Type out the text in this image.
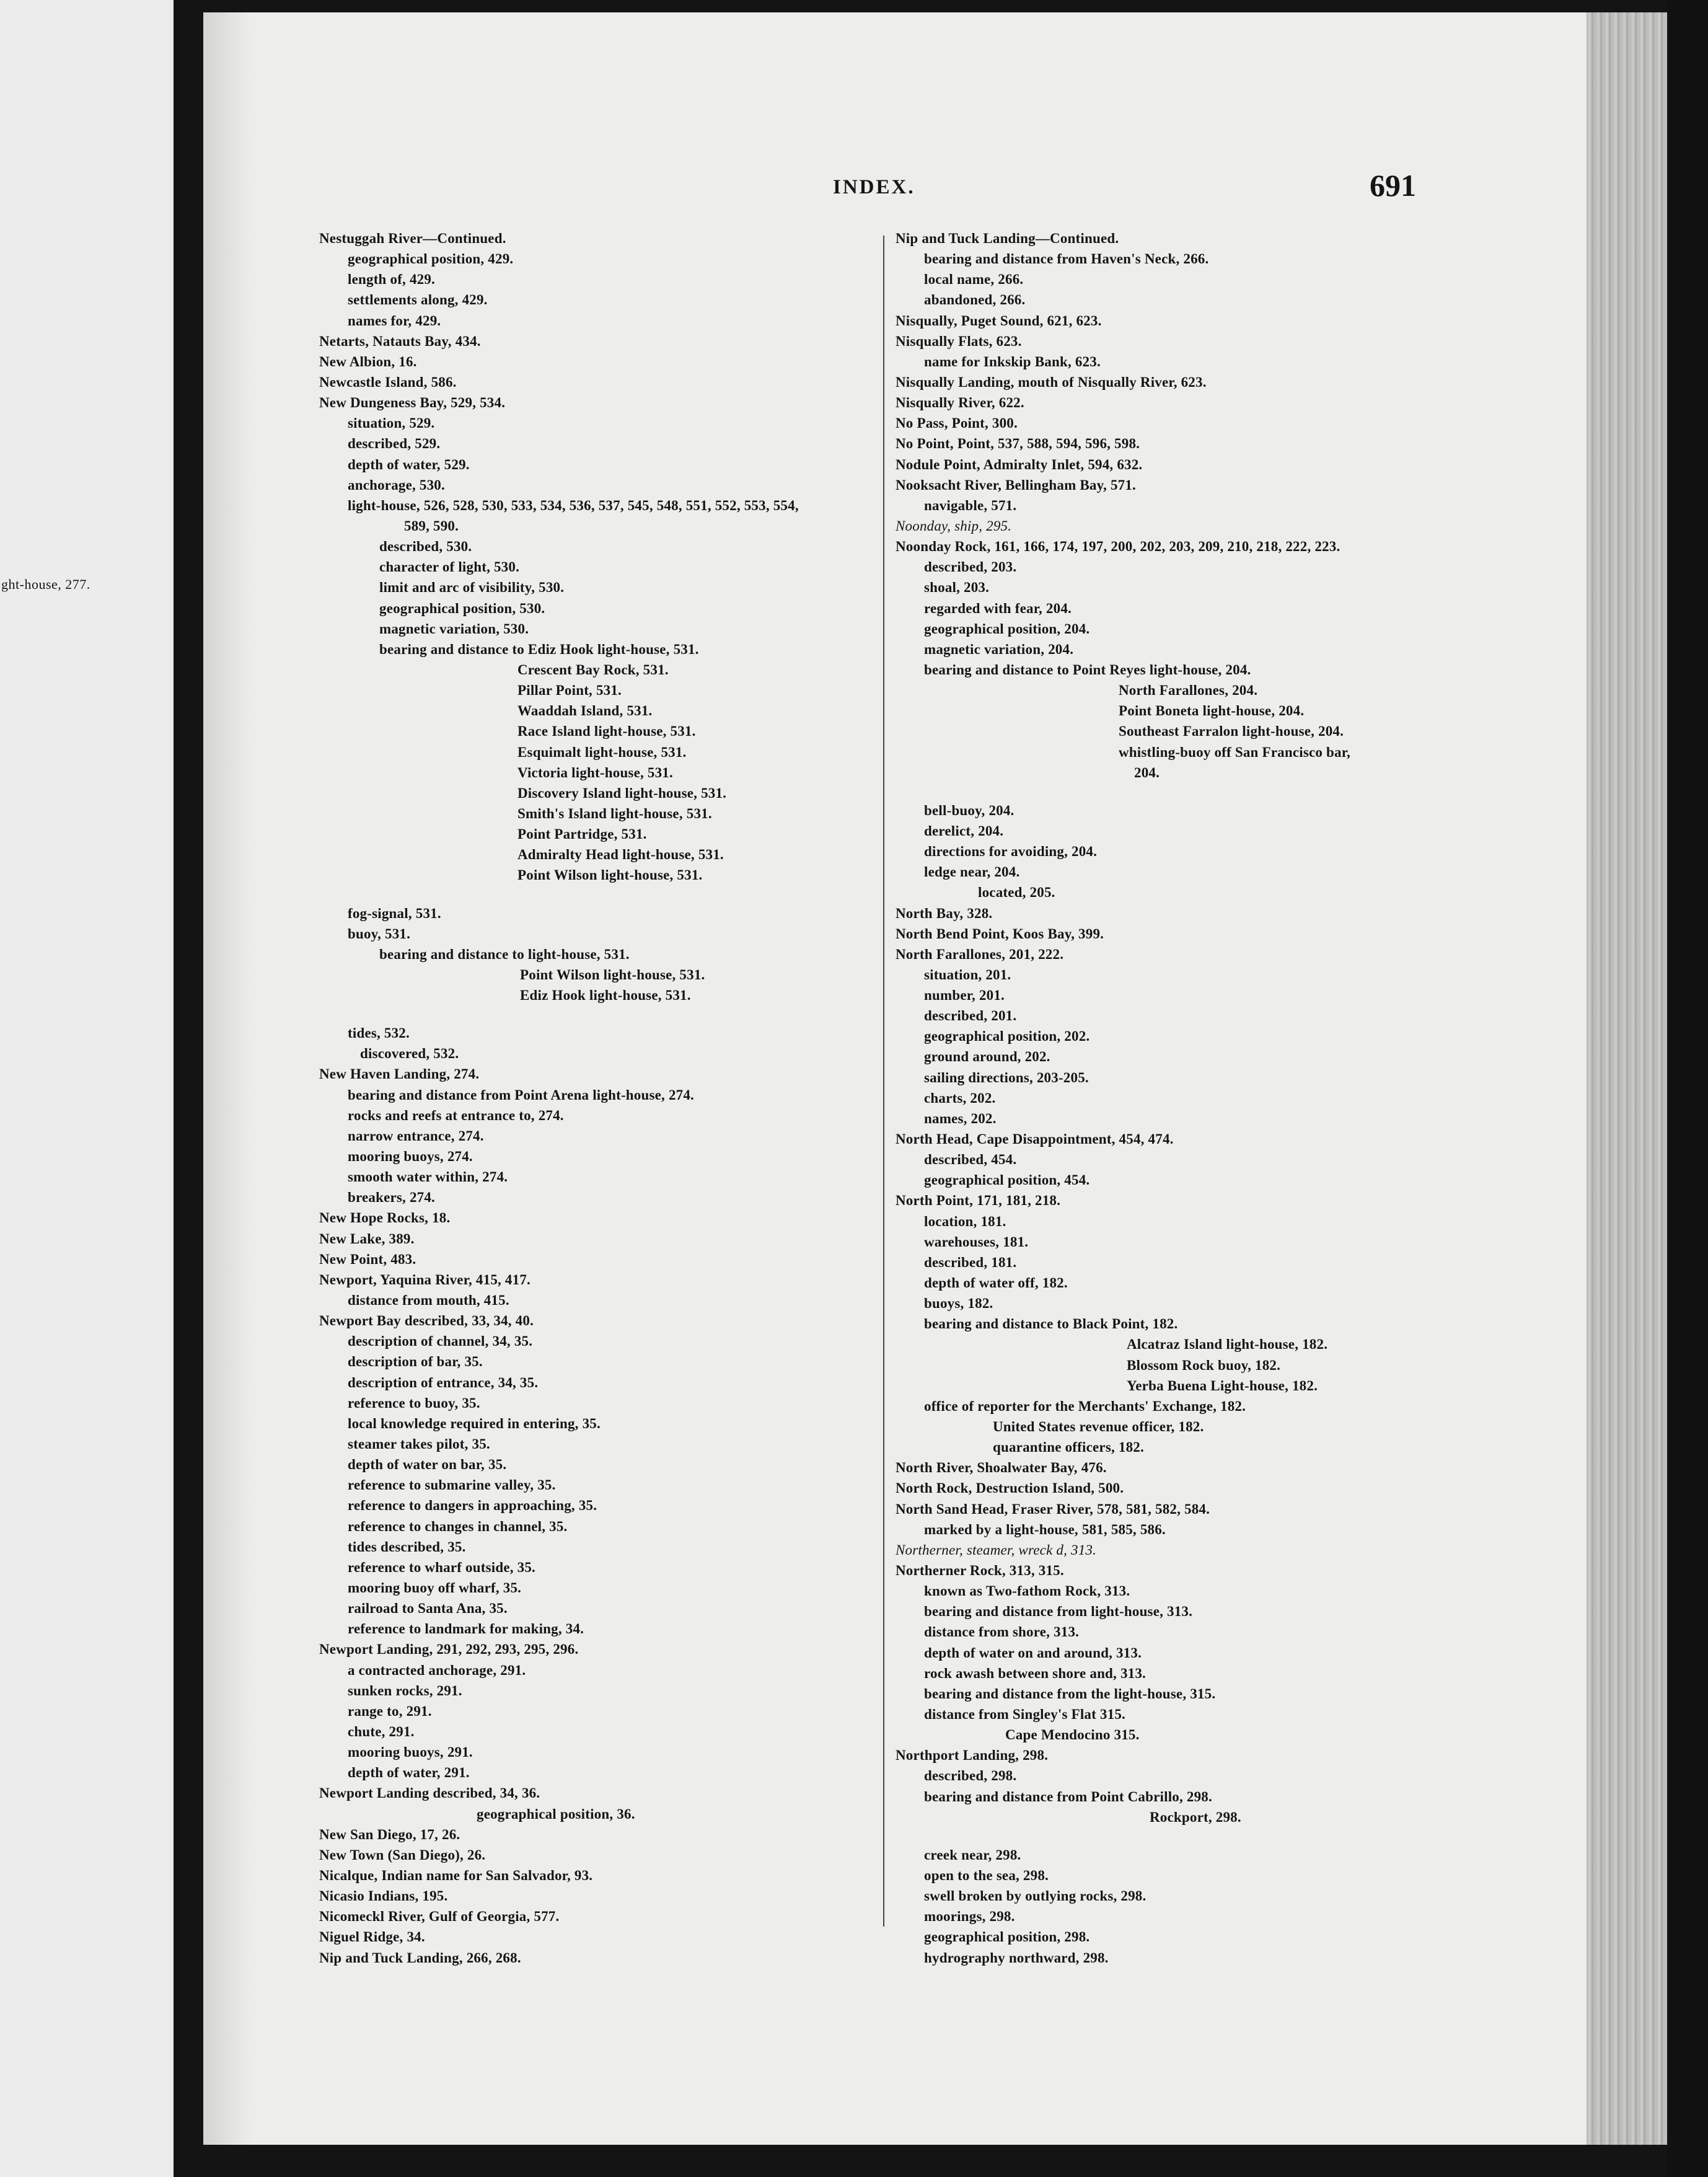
ght-house, 277.
INDEX.	691
Nestuggah River—Continued.
geographical position, 429.
length of, 429.
settlements along, 429.
names for, 429.
Netarts, Natauts Bay, 434.
New Albion, 16.
Newcastle Island, 586.
New Dungeness Bay, 529, 534.
situation, 529.
described, 529.
depth of water, 529.
anchorage, 530.
light-house, 526, 528, 530, 533, 534, 536, 537, 545, 548, 551, 552, 553, 554,
589, 590.
described, 530.
character of light, 530.
limit and arc of visibility, 530.
geographical position, 530.
magnetic variation, 530.
bearing and distance to Ediz Hook light-house, 531.
Crescent Bay Rock, 531.
Pillar Point, 531.
Waaddah Island, 531.
Race Island light-house, 531.
Esquimalt light-house, 531.
Victoria light-house, 531.
Discovery Island light-house, 531.
Smith's Island light-house, 531.
Point Partridge, 531.
Admiralty Head light-house, 531.
Point Wilson light-house, 531.
fog-signal, 531.
buoy, 531.
bearing and distance to light-house, 531.
Point Wilson light-house, 531.
Ediz Hook light-house, 531.
tides, 532.
discovered, 532.
New Haven Landing, 274.
bearing and distance from Point Arena light-house, 274.
rocks and reefs at entrance to, 274.
narrow entrance, 274.
mooring buoys, 274.
smooth water within, 274.
breakers, 274.
New Hope Rocks, 18.
New Lake, 389.
New Point, 483.
Newport, Yaquina River, 415, 417.
distance from mouth, 415.
Newport Bay described, 33, 34, 40.
description of channel, 34, 35.
description of bar, 35.
description of entrance, 34, 35.
reference to buoy, 35.
local knowledge required in entering, 35.
steamer takes pilot, 35.
depth of water on bar, 35.
reference to submarine valley, 35.
reference to dangers in approaching, 35.
reference to changes in channel, 35.
tides described, 35.
reference to wharf outside, 35.
mooring buoy off wharf, 35.
railroad to Santa Ana, 35.
reference to landmark for making, 34.
Newport Landing, 291, 292, 293, 295, 296.
a contracted anchorage, 291.
sunken rocks, 291.
range to, 291.
chute, 291.
mooring buoys, 291.
depth of water, 291.
Newport Landing described, 34, 36.
geographical position, 36.
New San Diego, 17, 26.
New Town (San Diego), 26.
Nicalque, Indian name for San Salvador, 93.
Nicasio Indians, 195.
Nicomeckl River, Gulf of Georgia, 577.
Niguel Ridge, 34.
Nip and Tuck Landing, 266, 268.
Nip and Tuck Landing—Continued.
bearing and distance from Haven's Neck, 266.
local name, 266.
abandoned, 266.
Nisqually, Puget Sound, 621, 623.
Nisqually Flats, 623.
name for Inkskip Bank, 623.
Nisqually Landing, mouth of Nisqually River, 623.
Nisqually River, 622.
No Pass, Point, 300.
No Point, Point, 537, 588, 594, 596, 598.
Nodule Point, Admiralty Inlet, 594, 632.
Nooksacht River, Bellingham Bay, 571.
navigable, 571.
Noonday, ship, 295.
Noonday Rock, 161, 166, 174, 197, 200, 202, 203, 209, 210, 218, 222, 223.
described, 203.
shoal, 203.
regarded with fear, 204.
geographical position, 204.
magnetic variation, 204.
bearing and distance to Point Reyes light-house, 204.
North Farallones, 204.
Point Boneta light-house, 204.
Southeast Farralon light-house, 204.
whistling-buoy off San Francisco bar,
204.
bell-buoy, 204.
derelict, 204.
directions for avoiding, 204.
ledge near, 204.
located, 205.
North Bay, 328.
North Bend Point, Koos Bay, 399.
North Farallones, 201, 222.
situation, 201.
number, 201.
described, 201.
geographical position, 202.
ground around, 202.
sailing directions, 203-205.
charts, 202.
names, 202.
North Head, Cape Disappointment, 454, 474.
described, 454.
geographical position, 454.
North Point, 171, 181, 218.
location, 181.
warehouses, 181.
described, 181.
depth of water off, 182.
buoys, 182.
bearing and distance to Black Point, 182.
Alcatraz Island light-house, 182.
Blossom Rock buoy, 182.
Yerba Buena Light-house, 182.
office of reporter for the Merchants' Exchange, 182.
United States revenue officer, 182.
quarantine officers, 182.
North River, Shoalwater Bay, 476.
North Rock, Destruction Island, 500.
North Sand Head, Fraser River, 578, 581, 582, 584.
marked by a light-house, 581, 585, 586.
Northerner, steamer, wreck d, 313.
Northerner Rock, 313, 315.
known as Two-fathom Rock, 313.
bearing and distance from light-house, 313.
distance from shore, 313.
depth of water on and around, 313.
rock awash between shore and, 313.
bearing and distance from the light-house, 315.
distance from Singley's Flat 315.
Cape Mendocino 315.
Northport Landing, 298.
described, 298.
bearing and distance from Point Cabrillo, 298.
Rockport, 298.
creek near, 298.
open to the sea, 298.
swell broken by outlying rocks, 298.
moorings, 298.
geographical position, 298.
hydrography northward, 298.
